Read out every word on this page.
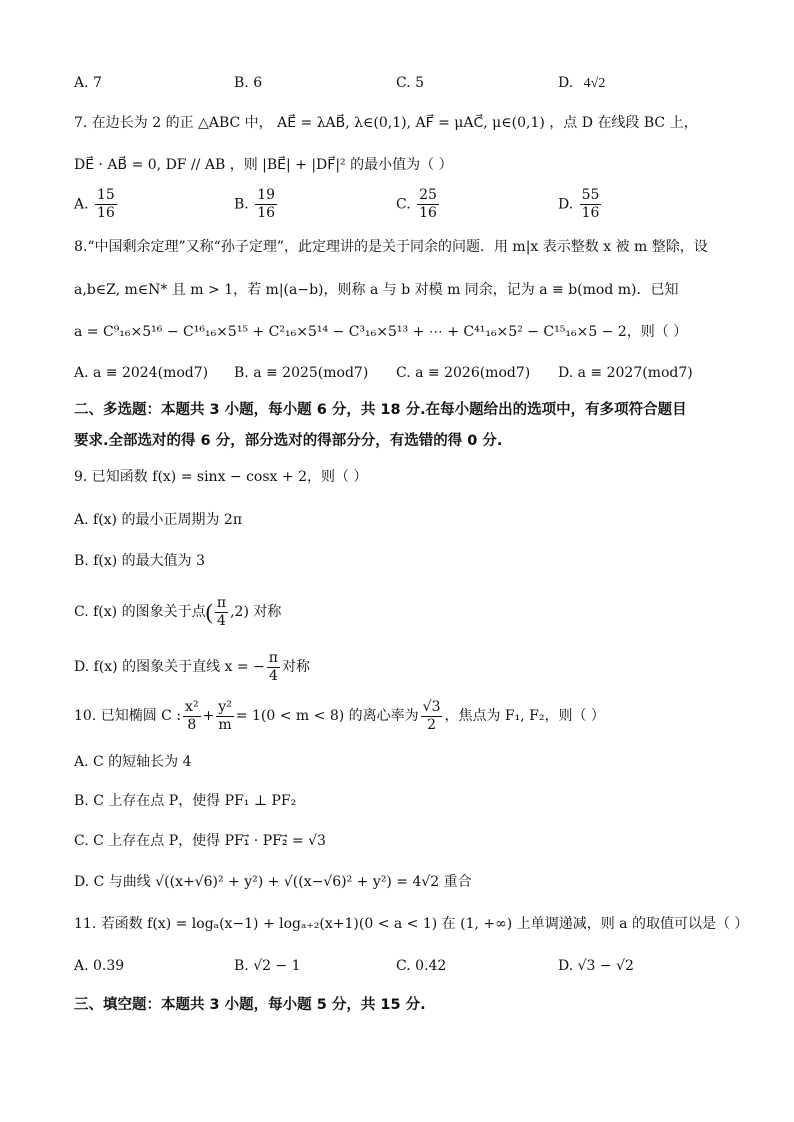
A. 7	B. 6	C. 5	D. 4√2
7. 在边长为 2 的正 △ABC 中， AE⃗ = λAB⃗, λ∈(0,1), AF⃗ = μAC⃗, μ∈(0,1) ，点 D 在线段 BC 上，
DE⃗ · AB⃗ = 0, DF // AB ，则 |BE⃗| + |DF⃗|² 的最小值为（ ）
A. $\frac{15}{16}$	B. $\frac{19}{16}$	C. $\frac{25}{16}$	D. $\frac{55}{16}$
8.“中国剩余定理”又称“孙子定理”，此定理讲的是关于同余的问题．用 m|x 表示整数 x 被 m 整除，设
a,b∈Z, m∈N* 且 m > 1，若 m|(a−b)，则称 a 与 b 对模 m 同余，记为 a ≡ b(mod m)．已知
a = C⁹₁₆×5¹⁶ − C¹⁶₁₆×5¹⁵ + C²₁₆×5¹⁴ − C³₁₆×5¹³ + ⋯ + C⁴¹₁₆×5² − C¹⁵₁₆×5 − 2，则（ ）
A. a ≡ 2024(mod7) B. a ≡ 2025(mod7) C. a ≡ 2026(mod7) D. a ≡ 2027(mod7)
二、多选题：本题共 3 小题，每小题 6 分，共 18 分.在每小题给出的选项中，有多项符合题目
要求.全部选对的得 6 分，部分选对的得部分分，有选错的得 0 分.
9. 已知函数 f(x) = sinx − cosx + 2，则（ ）
A. f(x) 的最小正周期为 2π
B. f(x) 的最大值为 3
C. f(x) 的图象关于点( $\frac{\pi}{4} ,2$) 对称
D. f(x) 的图象关于直线 x = − $\frac{\pi}{4}$ 对称
10. 已知椭圆 C : $\frac{\text{x²}}{8} + \frac{\text{y²}}{m} = 1(0 < m < 8)$ 的离心率为 $\frac{√3}{2}$ ，焦点为 F₁, F₂，则（ ）
A. C 的短轴长为 4
B. C 上存在点 P，使得 PF₁ ⊥ PF₂
C. C 上存在点 P，使得 PF₁⃗ · PF₂⃗ = √3
D. C 与曲线 √((x+√6)² + y²) + √((x−√6)² + y²) = 4√2 重合
11. 若函数 f(x) = logₐ(x−1) + logₐ₊₂(x+1)(0 < a < 1) 在 (1, +∞) 上单调递减，则 a 的取值可以是（ ）
A. 0.39	B. √2 − 1	C. 0.42	D. √3 − √2
三、填空题：本题共 3 小题，每小题 5 分，共 15 分.
